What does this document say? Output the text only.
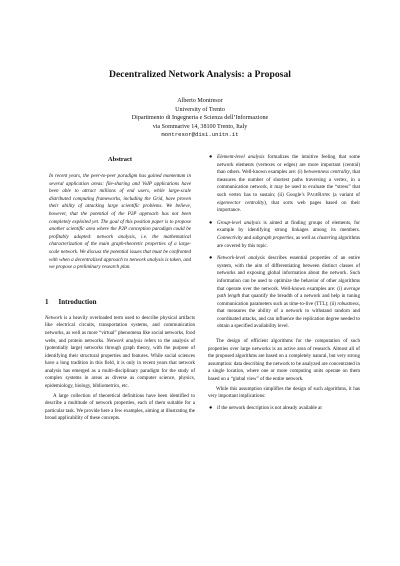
Decentralized Network Analysis: a Proposal
Alberto Montresor
University of Trento
Dipartimento di Ingegneria e Scienza dell’Informazione
via Sommarive 14, 38100 Trento, Italy
montresor@disi.unitn.it
Abstract
In recent years, the peer-to-peer paradigm has gained momentum in several application areas: file-sharing and VoIP applications have been able to attract millions of end users, while large-scale distributed computing frameworks, including the Grid, have proven their ability of attacking large scientific problems. We believe, however, that the potential of the P2P approach has not been completely exploited yet. The goal of this position paper is to propose another scientific area where the P2P conception paradigm could be profitably adopted: network analysis, i.e. the mathematical characterization of the main graph-theoretic properties of a large-scale network. We discuss the potential issues that must be confronted with when a decentralized approach to network analysis is taken, and we propose a preliminary research plan.
1 Introduction

Network is a heavily overloaded term used to describe physical artifacts like electrical circuits, transportation systems, and communication networks, as well as more “virtual” phenomena like social networks, food webs, and protein networks. Network analysis refers to the analysis of (potentially large) networks through graph theory, with the purpose of identifying their structural properties and features. While social sciences have a long tradition in this field, it is only in recent years that network analysis has emerged as a multi-disciplinary paradigm for the study of complex systems in areas as diverse as computer science, physics, epidemiology, biology, bibliometrics, etc.

A large collection of theoretical definitions have been identified to describe a multitude of network properties, each of them suitable for a particular task. We provide here a few examples, aiming at illustrating the broad applicability of these concepts.

● Element-level analysis formalizes the intuitive feeling that some network elements (vertexes or edges) are more important (central) than others. Well-known examples are: (i) betweenness centrality, that measures the number of shortest paths traversing a vertex, in a communication network, it may be used to evaluate the “stress” that such vertex has to sustain; (ii) Google’s PageRank (a variant of eigenvector centrality), that sorts web pages based on their importance.
● Group-level analysis is aimed at finding groups of elements, for example by identifying strong linkages among its members. Connectivity and subgraph properties, as well as clustering algorithms are covered by this topic.
● Network-level analysis describes essential properties of an entire system, with the aim of differentiating between distinct classes of networks and exposing global information about the network. Such information can be used to optimize the behavior of other algorithms that operate over the network. Well-known examples are: (i) average path length that quantify the breadth of a network and help in tuning communication parameters such as time-to-live (TTL); (ii) robustness, that measures the ability of a network to withstand random and coordinated attacks, and can influence the replication degree needed to obtain a specified availability level.

The design of efficient algorithms for the computation of such properties over large networks is an active area of research. Almost all of the proposed algorithms are based on a completely natural, but very strong assumption: data describing the network to be analyzed are concentrated in a single location, where one or more computing units operate on them based on a “global view” of the entire network.

While this assumption simplifies the design of such algorithms, it has very important implications:

● if the network description is not already available at
